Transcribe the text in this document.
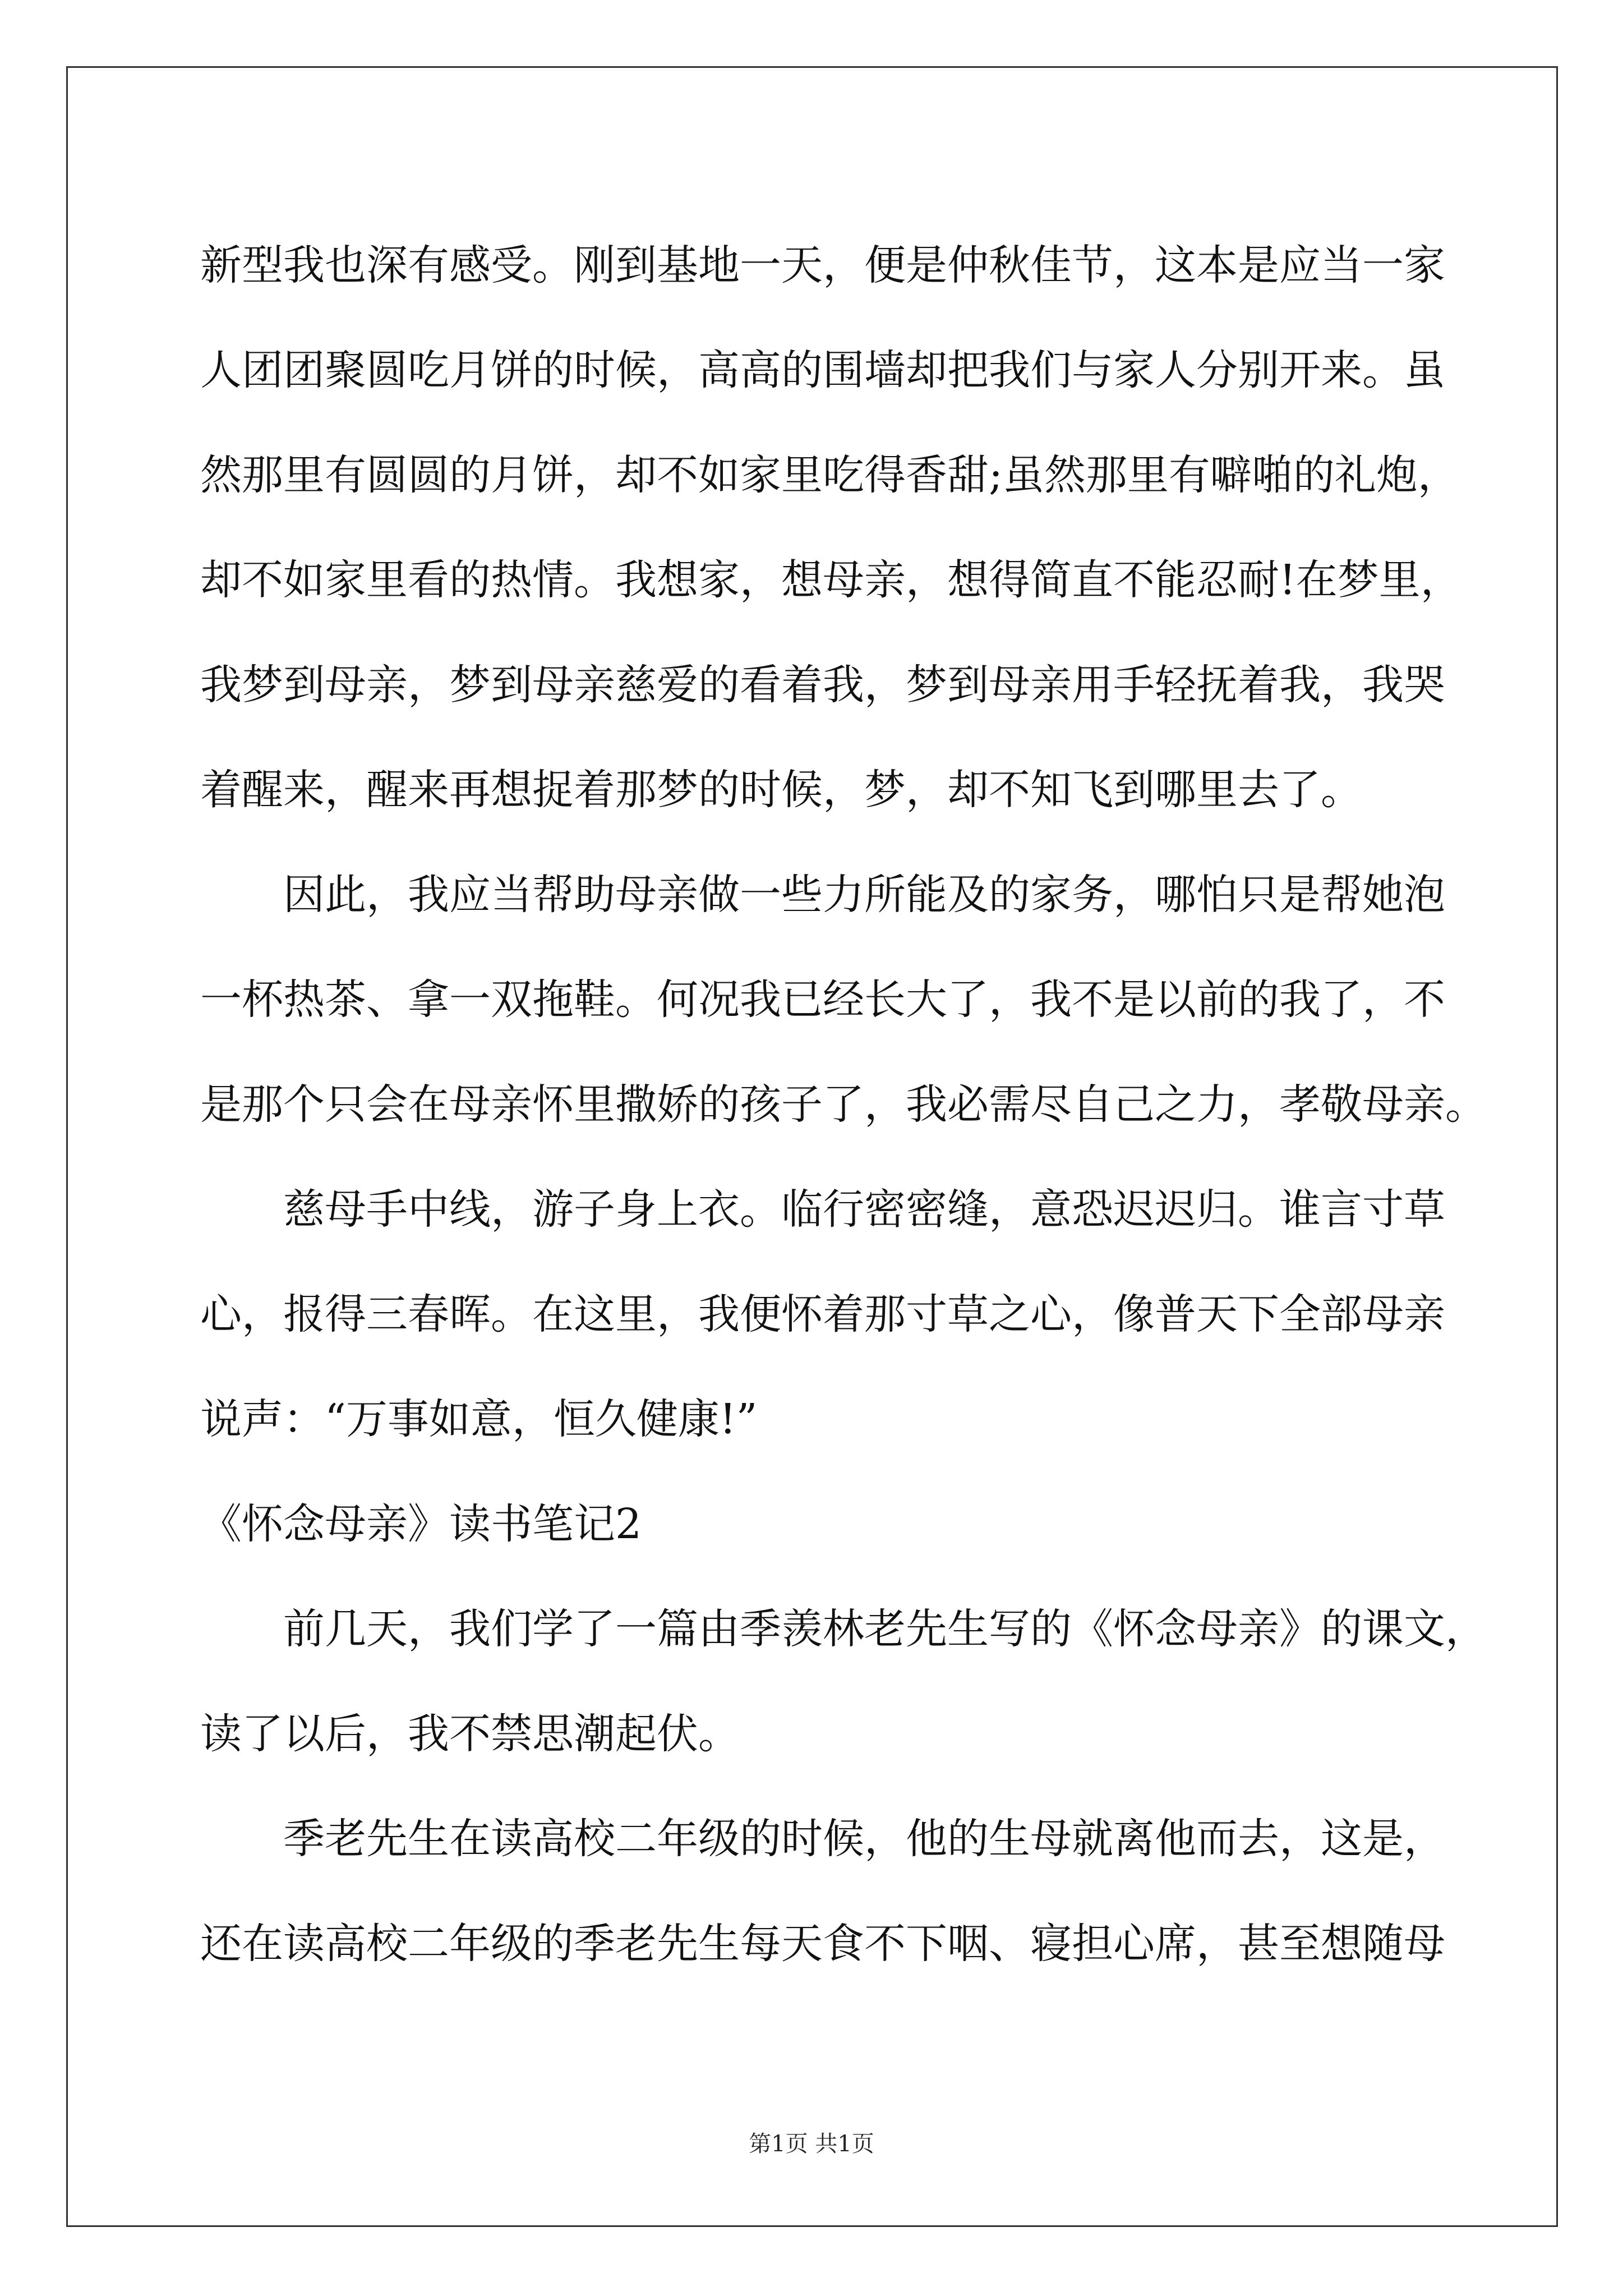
新型我也深有感受。刚到基地一天，便是仲秋佳节，这本是应当一家
人团团聚圆吃月饼的时候，高高的围墙却把我们与家人分别开来。虽
然那里有圆圆的月饼，却不如家里吃得香甜;虽然那里有噼啪的礼炮，
却不如家里看的热情。我想家，想母亲，想得简直不能忍耐!在梦里，
我梦到母亲，梦到母亲慈爱的看着我，梦到母亲用手轻抚着我，我哭
着醒来，醒来再想捉着那梦的时候，梦，却不知飞到哪里去了。
因此，我应当帮助母亲做一些力所能及的家务，哪怕只是帮她泡
一杯热茶、拿一双拖鞋。何况我已经长大了，我不是以前的我了，不
是那个只会在母亲怀里撒娇的孩子了，我必需尽自己之力，孝敬母亲。
慈母手中线，游子身上衣。临行密密缝，意恐迟迟归。谁言寸草
心，报得三春晖。在这里，我便怀着那寸草之心，像普天下全部母亲
说声：“万事如意，恒久健康!”
《怀念母亲》读书笔记2
前几天，我们学了一篇由季羡林老先生写的《怀念母亲》的课文，
读了以后，我不禁思潮起伏。
季老先生在读高校二年级的时候，他的生母就离他而去，这是，
还在读高校二年级的季老先生每天食不下咽、寝担心席，甚至想随母
第1页 共1页
